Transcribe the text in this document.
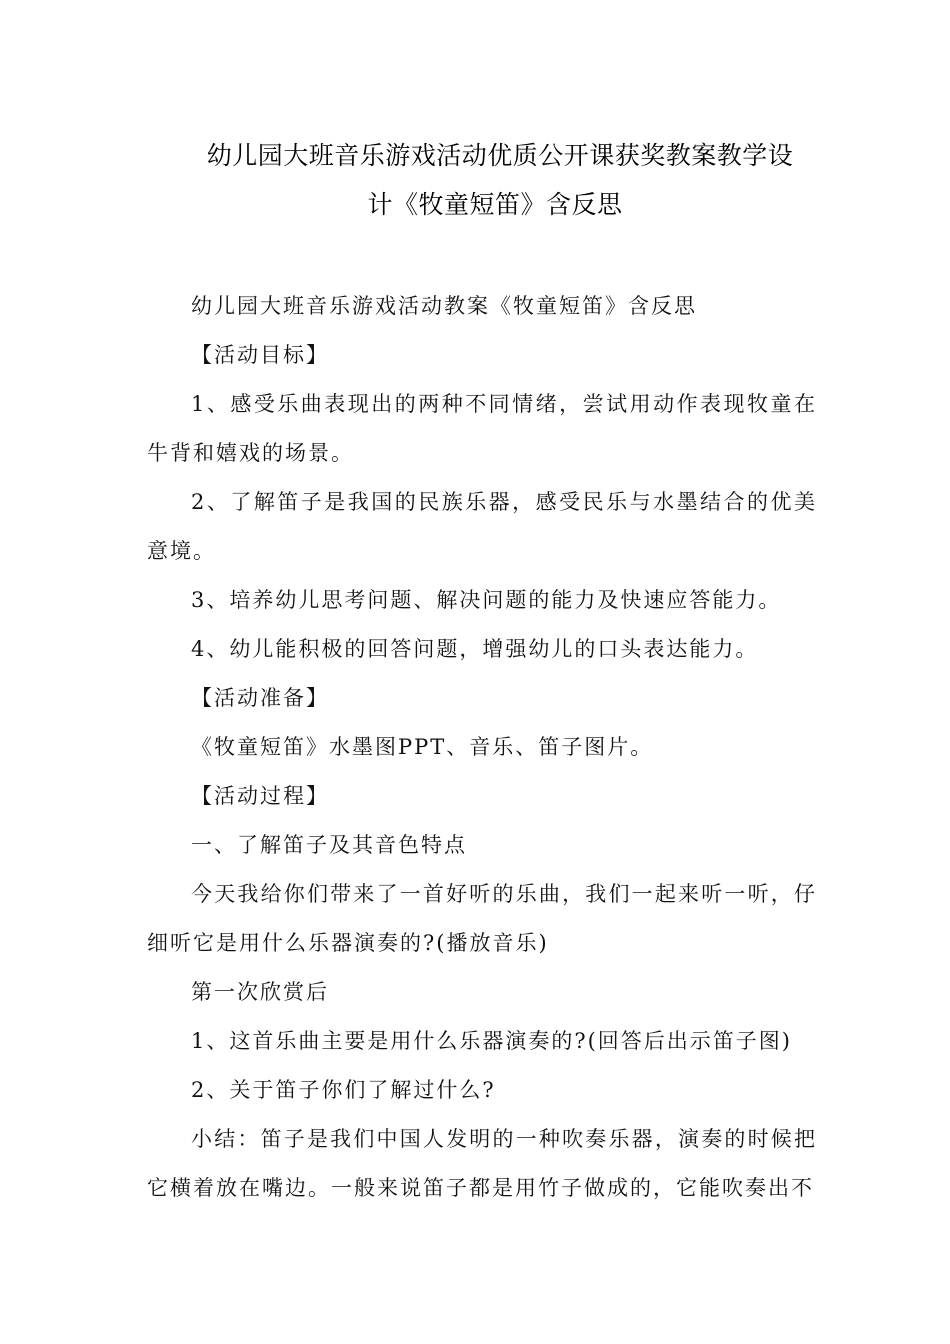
幼儿园大班音乐游戏活动优质公开课获奖教案教学设
计《牧童短笛》含反思

幼儿园大班音乐游戏活动教案《牧童短笛》含反思

【活动目标】

1、感受乐曲表现出的两种不同情绪，尝试用动作表现牧童在牛背和嬉戏的场景。

2、了解笛子是我国的民族乐器，感受民乐与水墨结合的优美意境。

3、培养幼儿思考问题、解决问题的能力及快速应答能力。

4、幼儿能积极的回答问题，增强幼儿的口头表达能力。

【活动准备】

《牧童短笛》水墨图PPT、音乐、笛子图片。

【活动过程】

一、了解笛子及其音色特点

今天我给你们带来了一首好听的乐曲，我们一起来听一听，仔细听它是用什么乐器演奏的?(播放音乐)

第一次欣赏后

1、这首乐曲主要是用什么乐器演奏的?(回答后出示笛子图)

2、关于笛子你们了解过什么?

小结：笛子是我们中国人发明的一种吹奏乐器，演奏的时候把它横着放在嘴边。一般来说笛子都是用竹子做成的，它能吹奏出不
